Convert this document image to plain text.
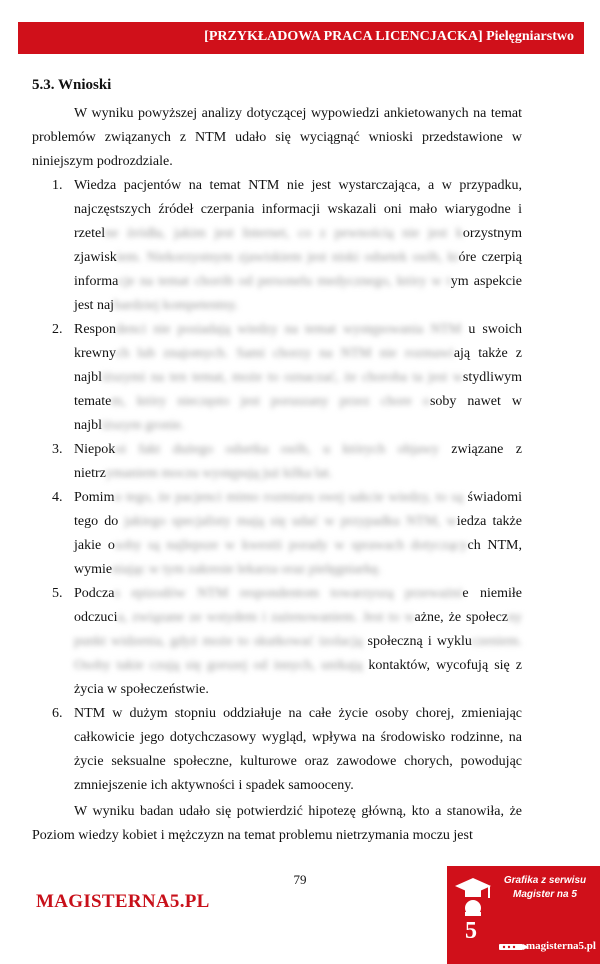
[PRZYKŁADOWA PRACA LICENCJACKA] Pielęgniarstwo
5.3. Wnioski

W wyniku powyższej analizy dotyczącej wypowiedzi ankietowanych na temat problemów związanych z NTM udało się wyciągnąć wnioski przedstawione w niniejszym podrozdziale.

1. Wiedza pacjentów na temat NTM nie jest wystarczająca, a w przypadku, najczęstszych źródeł czerpania informacji wskazali oni mało wiarygodne i rzetelne źródła, jakim jest Internet, co z pewnością nie jest korzystnym zjawiskiem. Niekorzystnym zjawiskiem jest niski odsetek osób, które czerpią informacje na temat chorób od personelu medycznego, który w tym aspekcie jest najbardziej kompetentny.
2. Respondenci nie posiadają wiedzy na temat występowania NTM u swoich krewnych lub znajomych. Sami chorzy na NTM nie rozmawiają także z najbliższymi na ten temat, może to oznaczać, że choroba ta jest wstydliwym tematem, który nieczęsto jest poruszany przez chore osoby nawet w najbliższym gronie.
3. Niepokoi fakt dużego odsetka osób, u których objawy związane z nietrzymaniem moczu występują już kilka lat.
4. Pomimo tego, że pacjenci mimo rozmiaru swej sakcie wiedzy, to są świadomi tego do jakiego specjalisty mają się udać w przypadku NTM, wiedza także jakie osoby są najlepsze w kwestii porady w sprawach dotyczących NTM, wymieniając w tym zakresie lekarza oraz pielęgniarkę.
5. Podczas epizodów NTM respondentom towarzyszą przeważnie niemiłe odczucia, związane ze wstydem i zażenowaniem. Jest to ważne, że społeczny punkt widzenia, gdyż może to skutkować izolacją społeczną i wykluczeniem. Osoby takie czują się gorszej od innych, unikają kontaktów, wycofują się z życia w społeczeństwie.
6. NTM w dużym stopniu oddziałuje na całe życie osoby chorej, zmieniając całkowicie jego dotychczasowy wygląd, wpływa na środowisko rodzinne, na życie seksualne społeczne, kulturowe oraz zawodowe chorych, powodując zmniejszenie ich aktywności i spadek samooceny.

W wyniku badan udało się potwierdzić hipotezę główną, kto a stanowiła, że Poziom wiedzy kobiet i mężczyzn na temat problemu nietrzymania moczu jest

79
MAGISTERNA5.PL
5
Grafika z serwisu
Magister na 5
magisterna5.pl
